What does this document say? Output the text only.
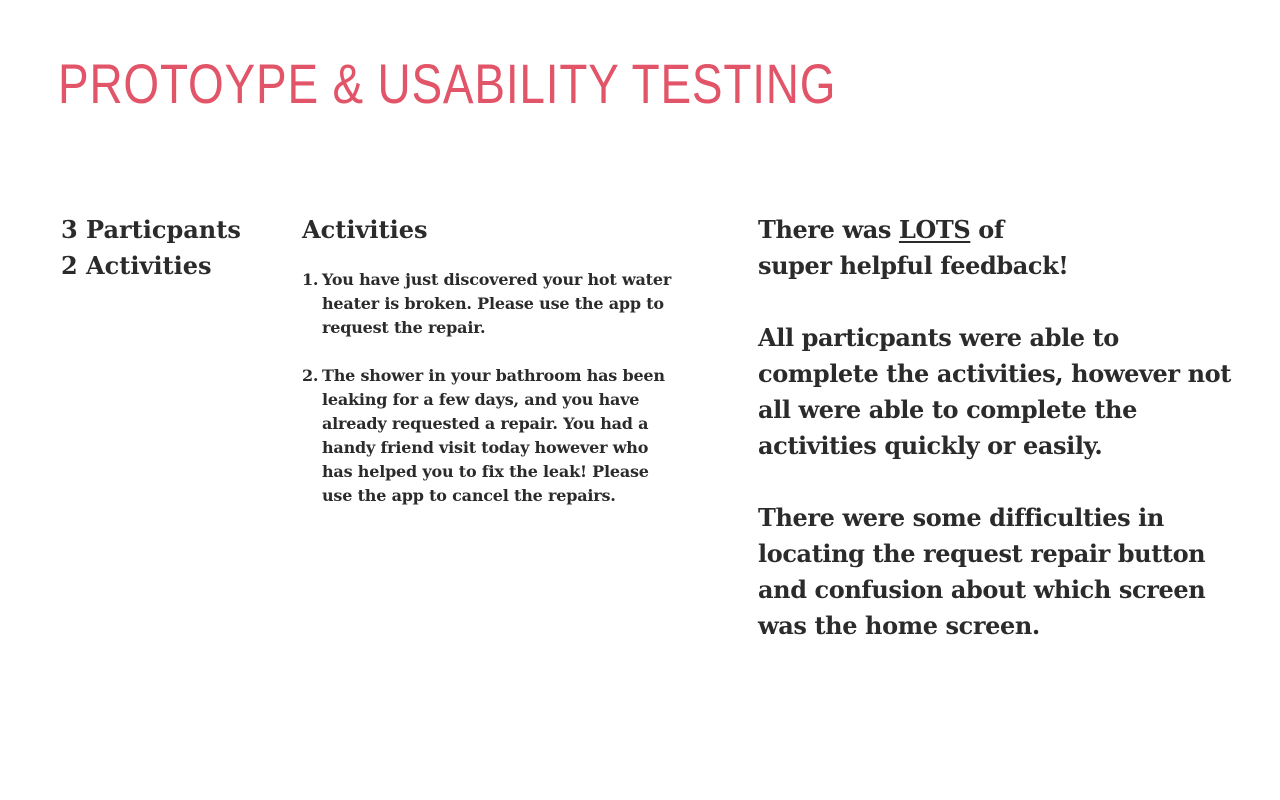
PROTOYPE & USABILITY TESTING
3 Particpants
2 Activities
Activities
1. You have just discovered your hot water heater is broken. Please use the app to request the repair.
2. The shower in your bathroom has been leaking for a few days, and you have already requested a repair. You had a handy friend visit today however who has helped you to fix the leak! Please use the app to cancel the repairs.

There was LOTS of
super helpful feedback!

All particpants were able to complete the activities, however not all were able to complete the activities quickly or easily.

There were some difficulties in locating the request repair button and confusion about which screen was the home screen.
